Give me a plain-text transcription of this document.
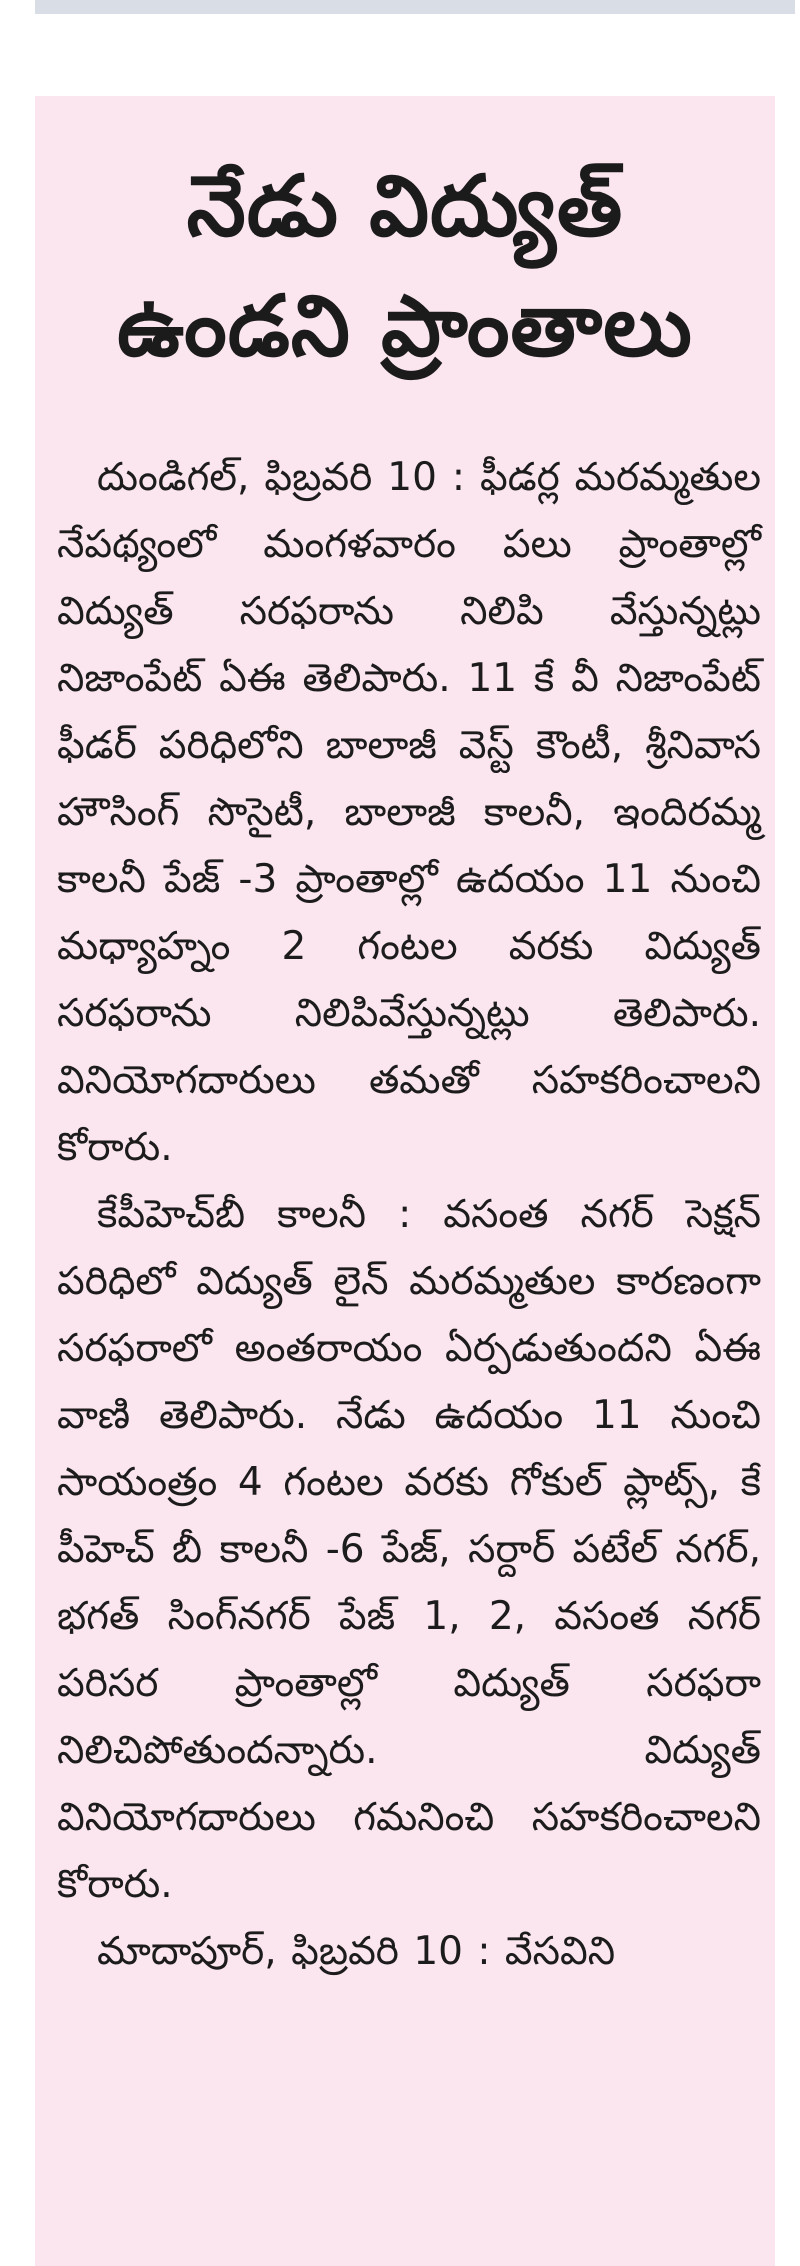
నేడు విద్యుత్
ఉండని ప్రాంతాలు

దుండిగల్, ఫిబ్రవరి 10 : ఫీడర్ల మరమ్మతుల నేపథ్యంలో మంగళవారం పలు ప్రాంతాల్లో విద్యుత్ సరఫరాను నిలిపి వేస్తున్నట్లు నిజాంపేట్ ఏఈ తెలిపారు. 11 కే వీ నిజాంపేట్ ఫీడర్ పరిధిలోని బాలాజీ వెస్ట్ కౌంటీ, శ్రీనివాస హౌసింగ్ సొసైటీ, బాలాజీ కాలనీ, ఇందిరమ్మ కాలనీ పేజ్ -3 ప్రాంతాల్లో ఉదయం 11 నుంచి మధ్యాహ్నం 2 గంటల వరకు విద్యుత్ సరఫరాను నిలిపివేస్తున్నట్లు తెలిపారు. వినియోగదారులు తమతో సహకరించాలని కోరారు.

కేపీహెచ్‌బీ కాలనీ : వసంత నగర్ సెక్షన్ పరిధిలో విద్యుత్ లైన్ మరమ్మతుల కారణంగా సరఫరాలో అంతరాయం ఏర్పడుతుందని ఏఈ వాణి తెలిపారు. నేడు ఉదయం 11 నుంచి సాయంత్రం 4 గంటల వరకు గోకుల్ ప్లాట్స్, కే పీహెచ్ బీ కాలనీ -6 పేజ్, సర్దార్ పటేల్ నగర్, భగత్ సింగ్‌నగర్ పేజ్ 1, 2, వసంత నగర్ పరిసర ప్రాంతాల్లో విద్యుత్ సరఫరా నిలిచిపోతుందన్నారు. విద్యుత్ వినియోగదారులు గమనించి సహకరించాలని కోరారు.

మాదాపూర్, ఫిబ్రవరి 10 : వేసవిని
